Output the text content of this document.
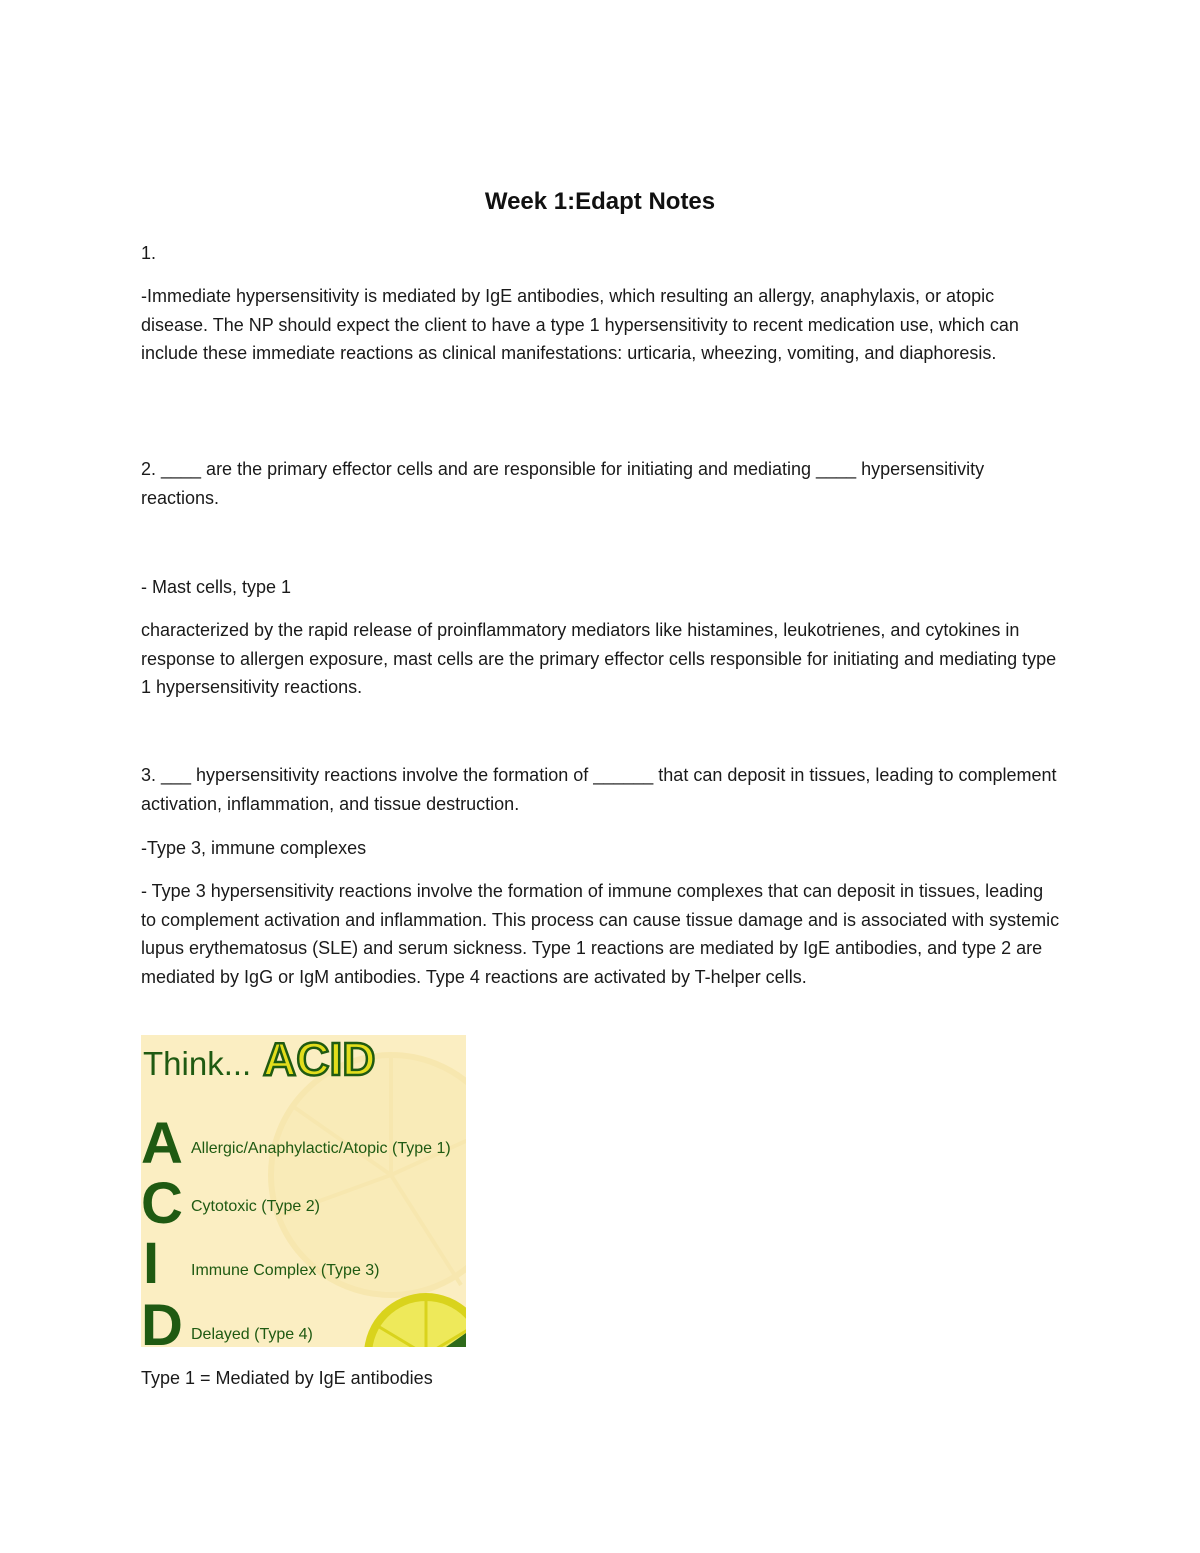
Week 1:Edapt Notes
1.
-Immediate hypersensitivity is mediated by IgE antibodies, which resulting an allergy, anaphylaxis, or atopic disease. The NP should expect the client to have a type 1 hypersensitivity to recent medication use, which can include these immediate reactions as clinical manifestations: urticaria, wheezing, vomiting, and diaphoresis.
2. ____ are the primary effector cells and are responsible for initiating and mediating ____ hypersensitivity reactions.
- Mast cells, type 1
characterized by the rapid release of proinflammatory mediators like histamines, leukotrienes, and cytokines in response to allergen exposure, mast cells are the primary effector cells responsible for initiating and mediating type 1 hypersensitivity reactions.
3. ___ hypersensitivity reactions involve the formation of ______ that can deposit in tissues, leading to complement activation, inflammation, and tissue destruction.
-Type 3, immune complexes
- Type 3 hypersensitivity reactions involve the formation of immune complexes that can deposit in tissues, leading to complement activation and inflammation. This process can cause tissue damage and is associated with systemic lupus erythematosus (SLE) and serum sickness. Type 1 reactions are mediated by IgE antibodies, and type 2 are mediated by IgG or IgM antibodies. Type 4 reactions are activated by T-helper cells.
Think... ACID
A Allergic/Anaphylactic/Atopic (Type 1)
C Cytotoxic (Type 2)
I Immune Complex (Type 3)
D Delayed (Type 4)
Type 1 = Mediated by IgE antibodies
